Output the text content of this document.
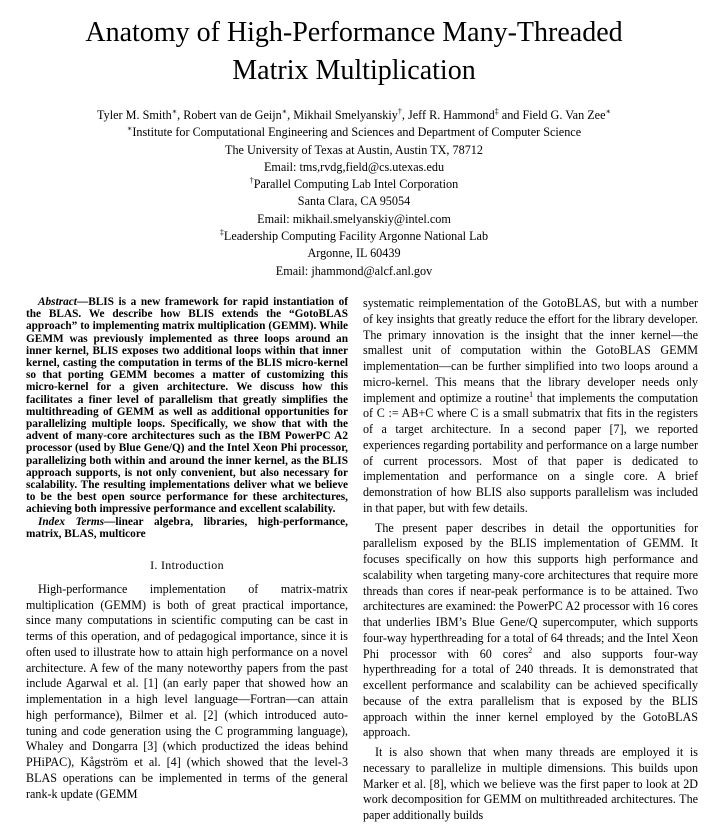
Anatomy of High-Performance Many-Threaded
Matrix Multiplication
Tyler M. Smith∗, Robert van de Geijn∗, Mikhail Smelyanskiy†, Jeff R. Hammond‡ and Field G. Van Zee∗
∗Institute for Computational Engineering and Sciences and Department of Computer Science
The University of Texas at Austin, Austin TX, 78712
Email: tms,rvdg,field@cs.utexas.edu
†Parallel Computing Lab Intel Corporation
Santa Clara, CA 95054
Email: mikhail.smelyanskiy@intel.com
‡Leadership Computing Facility Argonne National Lab
Argonne, IL 60439
Email: jhammond@alcf.anl.gov

Abstract—BLIS is a new framework for rapid instantiation of the BLAS. We describe how BLIS extends the “GotoBLAS approach” to implementing matrix multiplication (GEMM). While GEMM was previously implemented as three loops around an inner kernel, BLIS exposes two additional loops within that inner kernel, casting the computation in terms of the BLIS micro-kernel so that porting GEMM becomes a matter of customizing this micro-kernel for a given architecture. We discuss how this facilitates a finer level of parallelism that greatly simplifies the multithreading of GEMM as well as additional opportunities for parallelizing multiple loops. Specifically, we show that with the advent of many-core architectures such as the IBM PowerPC A2 processor (used by Blue Gene/Q) and the Intel Xeon Phi processor, parallelizing both within and around the inner kernel, as the BLIS approach supports, is not only convenient, but also necessary for scalability. The resulting implementations deliver what we believe to be the best open source performance for these architectures, achieving both impressive performance and excellent scalability.

Index Terms—linear algebra, libraries, high-performance, matrix, BLAS, multicore

I. Introduction

High-performance implementation of matrix-matrix multiplication (GEMM) is both of great practical importance, since many computations in scientific computing can be cast in terms of this operation, and of pedagogical importance, since it is often used to illustrate how to attain high performance on a novel architecture. A few of the many noteworthy papers from the past include Agarwal et al. [1] (an early paper that showed how an implementation in a high level language—Fortran—can attain high performance), Bilmer et al. [2] (which introduced auto-tuning and code generation using the C programming language), Whaley and Dongarra [3] (which productized the ideas behind PHiPAC), Kågström et al. [4] (which showed that the level-3 BLAS operations can be implemented in terms of the general rank-k update (GEMM

systematic reimplementation of the GotoBLAS, but with a number of key insights that greatly reduce the effort for the library developer. The primary innovation is the insight that the inner kernel—the smallest unit of computation within the GotoBLAS GEMM implementation—can be further simplified into two loops around a micro-kernel. This means that the library developer needs only implement and optimize a routine$^1$ that implements the computation of C := AB+C where C is a small submatrix that fits in the registers of a target architecture. In a second paper [7], we reported experiences regarding portability and performance on a large number of current processors. Most of that paper is dedicated to implementation and performance on a single core. A brief demonstration of how BLIS also supports parallelism was included in that paper, but with few details.

The present paper describes in detail the opportunities for parallelism exposed by the BLIS implementation of GEMM. It focuses specifically on how this supports high performance and scalability when targeting many-core architectures that require more threads than cores if near-peak performance is to be attained. Two architectures are examined: the PowerPC A2 processor with 16 cores that underlies IBM’s Blue Gene/Q supercomputer, which supports four-way hyperthreading for a total of 64 threads; and the Intel Xeon Phi processor with 60 cores$^2$ and also supports four-way hyperthreading for a total of 240 threads. It is demonstrated that excellent performance and scalability can be achieved specifically because of the extra parallelism that is exposed by the BLIS approach within the inner kernel employed by the GotoBLAS approach.

It is also shown that when many threads are employed it is necessary to parallelize in multiple dimensions. This builds upon Marker et al. [8], which we believe was the first paper to look at 2D work decomposition for GEMM on multithreaded architectures. The paper additionally builds
